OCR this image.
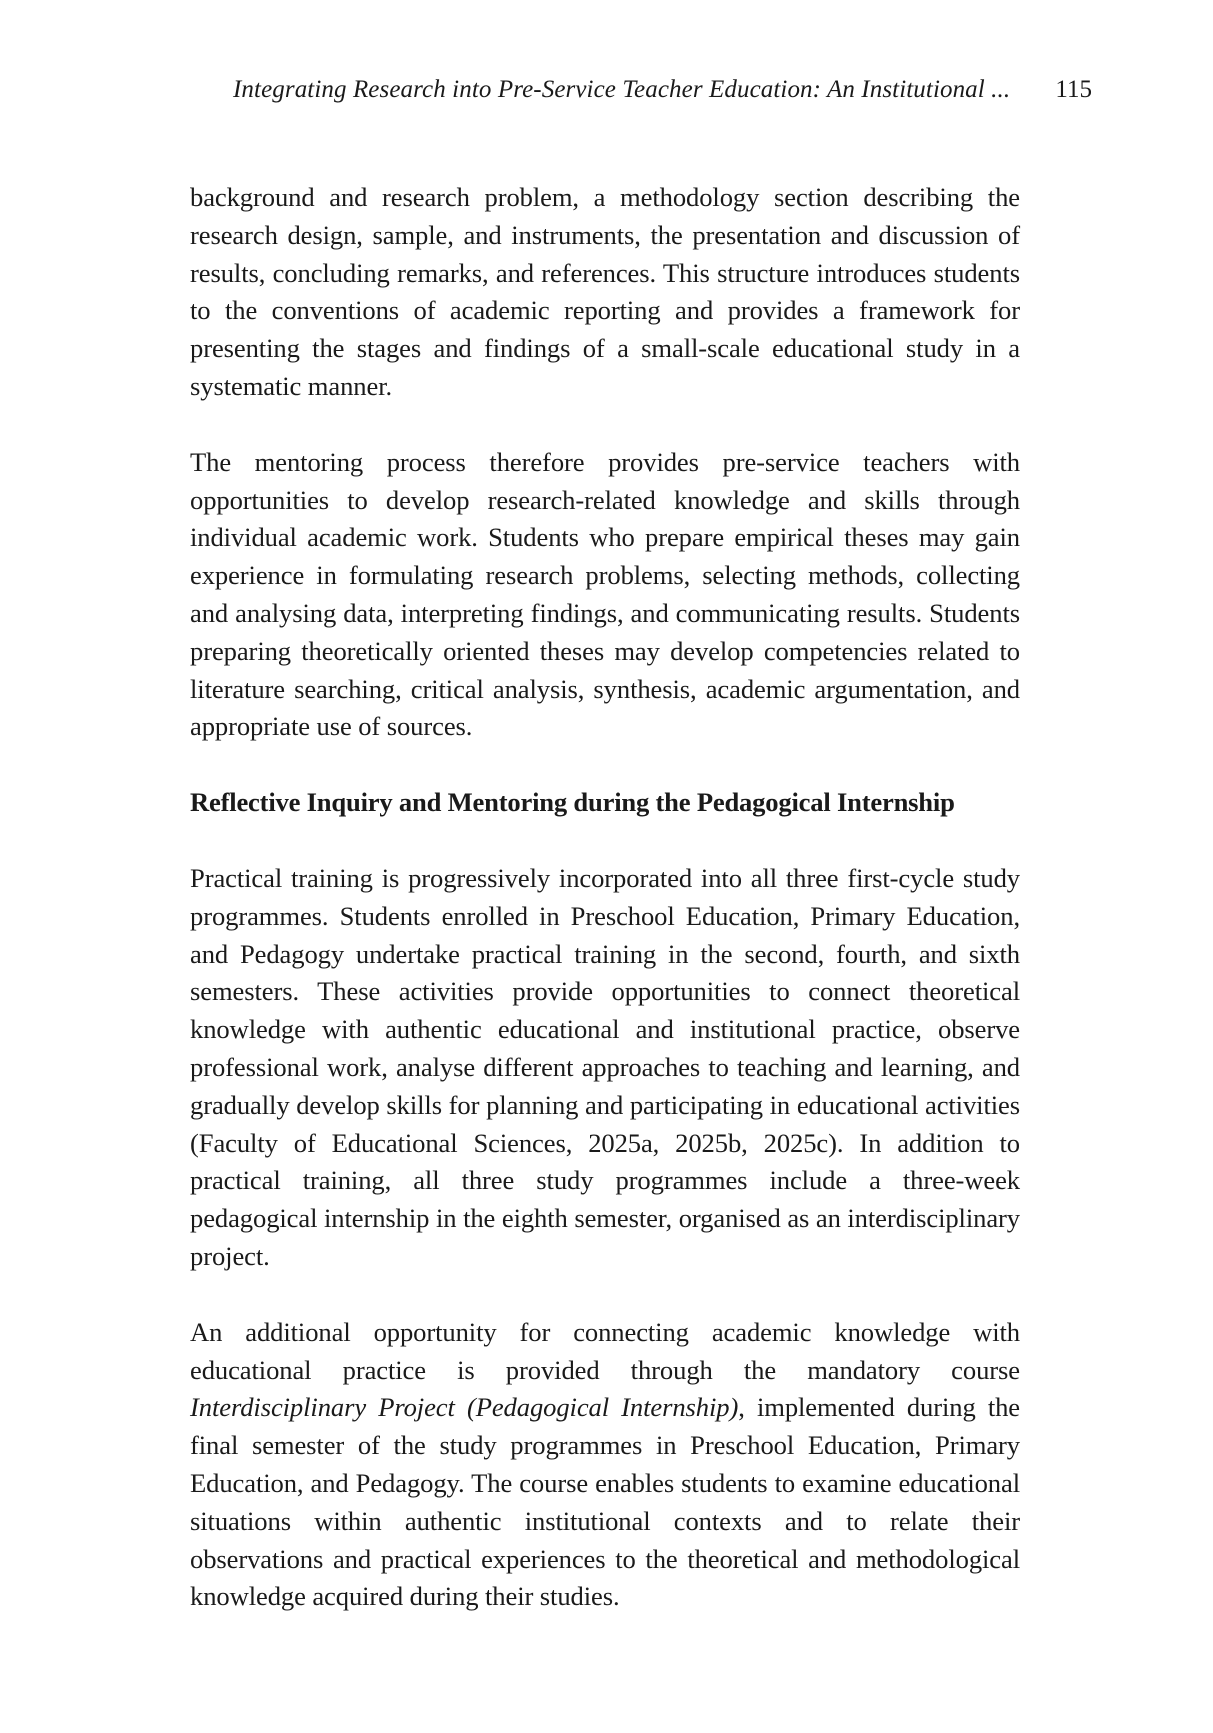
Integrating Research into Pre-Service Teacher Education: An Institutional ... 115

background and research problem, a methodology section describing the research design, sample, and instruments, the presentation and discussion of results, concluding remarks, and references. This structure introduces students to the conventions of academic reporting and provides a framework for presenting the stages and findings of a small-scale educational study in a systematic manner.

The mentoring process therefore provides pre-service teachers with opportunities to develop research-related knowledge and skills through individual academic work. Students who prepare empirical theses may gain experience in formulating research problems, selecting methods, collecting and analysing data, interpreting findings, and communicating results. Students preparing theoretically oriented theses may develop competencies related to literature searching, critical analysis, synthesis, academic argumentation, and appropriate use of sources.

Reflective Inquiry and Mentoring during the Pedagogical Internship

Practical training is progressively incorporated into all three first-cycle study programmes. Students enrolled in Preschool Education, Primary Education, and Pedagogy undertake practical training in the second, fourth, and sixth semesters. These activities provide opportunities to connect theoretical knowledge with authentic educational and institutional practice, observe professional work, analyse different approaches to teaching and learning, and gradually develop skills for planning and participating in educational activities (Faculty of Educational Sciences, 2025a, 2025b, 2025c). In addition to practical training, all three study programmes include a three-week pedagogical internship in the eighth semester, organised as an interdisciplinary project.

An additional opportunity for connecting academic knowledge with educational practice is provided through the mandatory course Interdisciplinary Project (Pedagogical Internship), implemented during the final semester of the study programmes in Preschool Education, Primary Education, and Pedagogy. The course enables students to examine educational situations within authentic institutional contexts and to relate their observations and practical experiences to the theoretical and methodological knowledge acquired during their studies.
